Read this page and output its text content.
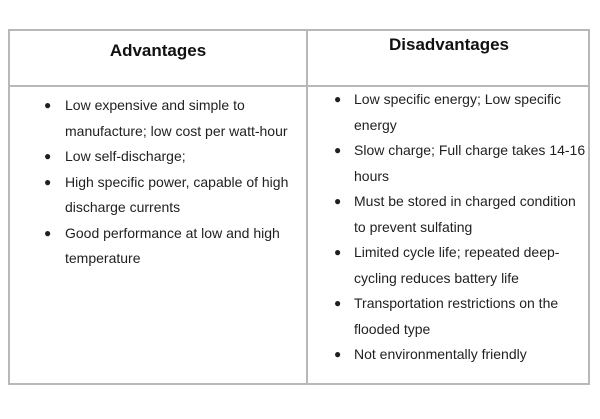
Advantages	Disadvantages
● Low expensive and simple to manufacture; low cost per watt-hour
● Low self-discharge;
● High specific power, capable of high discharge currents
● Good performance at low and high temperature
● Low specific energy; Low specific energy
● Slow charge; Full charge takes 14-16 hours
● Must be stored in charged condition to prevent sulfating
● Limited cycle life; repeated deep-cycling reduces battery life
● Transportation restrictions on the flooded type
● Not environmentally friendly
